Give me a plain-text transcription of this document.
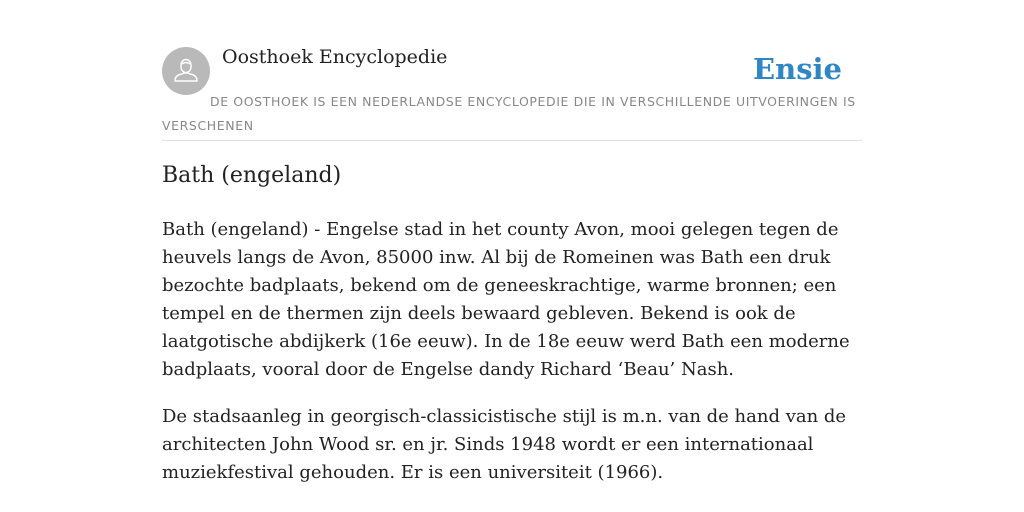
Oosthoek Encyclopedie	Ensie
DE OOSTHOEK IS EEN NEDERLANDSE ENCYCLOPEDIE DIE IN VERSCHILLENDE UITVOERINGEN IS VERSCHENEN
Bath (engeland)

Bath (engeland) - Engelse stad in het county Avon, mooi gelegen tegen de heuvels langs de Avon, 85000 inw. Al bij de Romeinen was Bath een druk bezochte badplaats, bekend om de geneeskrachtige, warme bronnen; een tempel en de thermen zijn deels bewaard gebleven. Bekend is ook de laatgotische abdijkerk (16e eeuw). In de 18e eeuw werd Bath een moderne badplaats, vooral door de Engelse dandy Richard ‘Beau’ Nash.

De stadsaanleg in georgisch-classicistische stijl is m.n. van de hand van de architecten John Wood sr. en jr. Sinds 1948 wordt er een internationaal muziekfestival gehouden. Er is een universiteit (1966).
